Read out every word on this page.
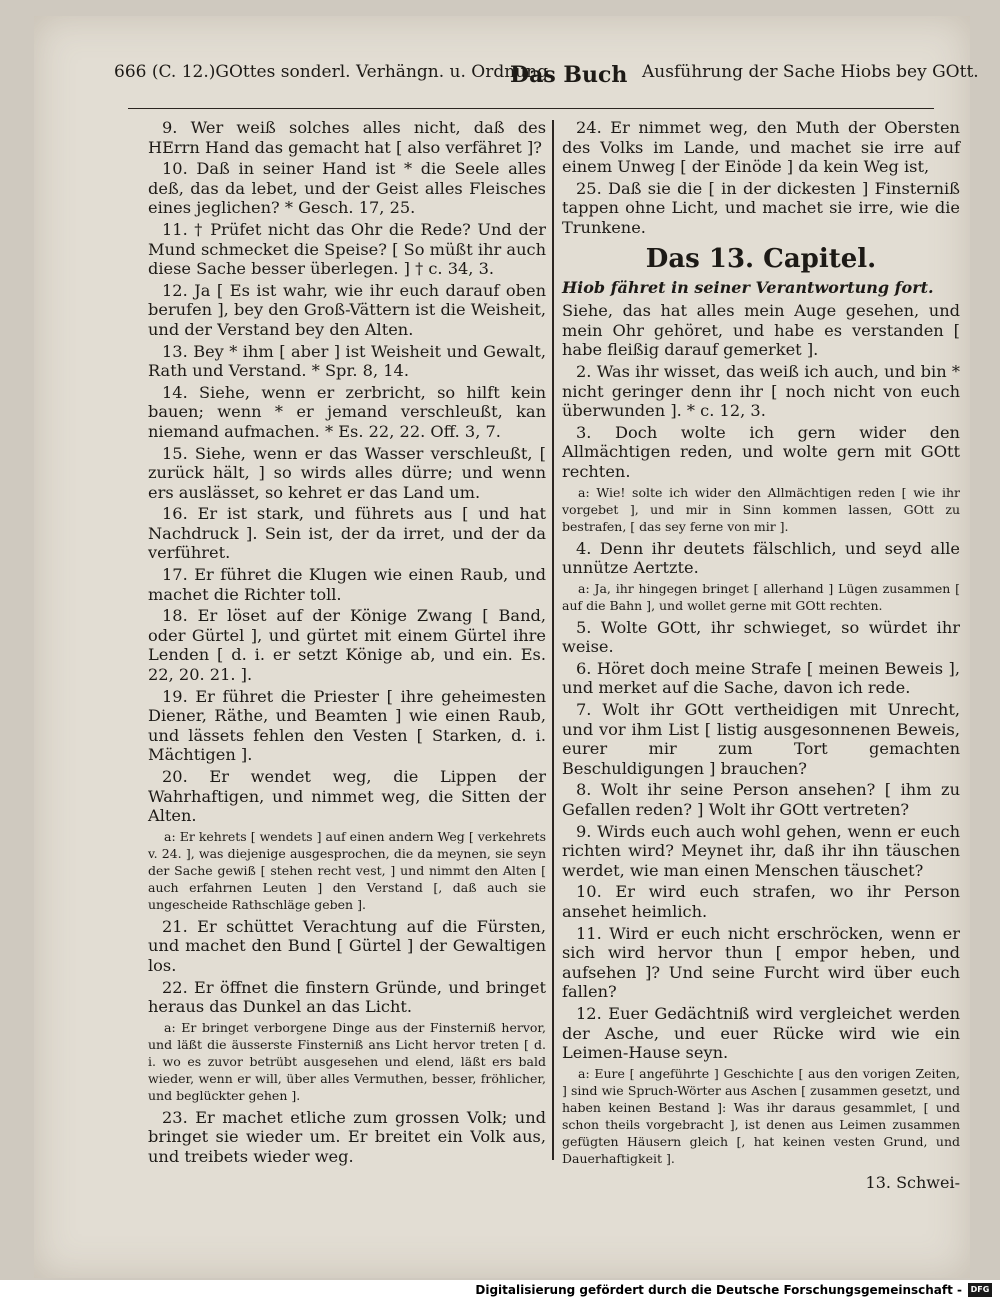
666 (C. 12.)GOttes sonderl. Verhängn. u. Ordnung.
Das Buch Ausführung der Sache Hiobs bey GOtt.

9. Wer weiß solches alles nicht, daß des HErrn Hand das gemacht hat [ also verfähret ]?

10. Daß in seiner Hand ist * die Seele alles deß, das da lebet, und der Geist alles Fleisches eines jeglichen? * Gesch. 17, 25.

11. † Prüfet nicht das Ohr die Rede? Und der Mund schmecket die Speise? [ So müßt ihr auch diese Sache besser überlegen. ] † c. 34, 3.

12. Ja [ Es ist wahr, wie ihr euch darauf oben berufen ], bey den Groß-Vättern ist die Weisheit, und der Verstand bey den Alten.

13. Bey * ihm [ aber ] ist Weisheit und Gewalt, Rath und Verstand. * Spr. 8, 14.

14. Siehe, wenn er zerbricht, so hilft kein bauen; wenn * er jemand verschleußt, kan niemand aufmachen. * Es. 22, 22. Off. 3, 7.

15. Siehe, wenn er das Wasser verschleußt, [ zurück hält, ] so wirds alles dürre; und wenn ers auslässet, so kehret er das Land um.

16. Er ist stark, und führets aus [ und hat Nachdruck ]. Sein ist, der da irret, und der da verführet.

17. Er führet die Klugen wie einen Raub, und machet die Richter toll.

18. Er löset auf der Könige Zwang [ Band, oder Gürtel ], und gürtet mit einem Gürtel ihre Lenden [ d. i. er setzt Könige ab, und ein. Es. 22, 20. 21. ].

19. Er führet die Priester [ ihre geheimesten Diener, Räthe, und Beamten ] wie einen Raub, und lässets fehlen den Vesten [ Starken, d. i. Mächtigen ].

20. Er wendet weg, die Lippen der Wahrhaftigen, und nimmet weg, die Sitten der Alten.

a: Er kehrets [ wendets ] auf einen andern Weg [ verkehrets v. 24. ], was diejenige ausgesprochen, die da meynen, sie seyn der Sache gewiß [ stehen recht vest, ] und nimmt den Alten [ auch erfahrnen Leuten ] den Verstand [, daß auch sie ungescheide Rathschläge geben ].

21. Er schüttet Verachtung auf die Fürsten, und machet den Bund [ Gürtel ] der Gewaltigen los.

22. Er öffnet die finstern Gründe, und bringet heraus das Dunkel an das Licht.

a: Er bringet verborgene Dinge aus der Finsterniß hervor, und läßt die äusserste Finsterniß ans Licht hervor treten [ d. i. wo es zuvor betrübt ausgesehen und elend, läßt ers bald wieder, wenn er will, über alles Vermuthen, besser, fröhlicher, und beglückter gehen ].

23. Er machet etliche zum grossen Volk; und bringet sie wieder um. Er breitet ein Volk aus, und treibets wieder weg.

24. Er nimmet weg, den Muth der Obersten des Volks im Lande, und machet sie irre auf einem Unweg [ der Einöde ] da kein Weg ist,

25. Daß sie die [ in der dickesten ] Finsterniß tappen ohne Licht, und machet sie irre, wie die Trunkene.

Das 13. Capitel.

Hiob fähret in seiner Verantwortung fort.

Siehe, das hat alles mein Auge gesehen, und mein Ohr gehöret, und habe es verstanden [ habe fleißig darauf gemerket ].

2. Was ihr wisset, das weiß ich auch, und bin * nicht geringer denn ihr [ noch nicht von euch überwunden ]. * c. 12, 3.

3. Doch wolte ich gern wider den Allmächtigen reden, und wolte gern mit GOtt rechten.

a: Wie! solte ich wider den Allmächtigen reden [ wie ihr vorgebet ], und mir in Sinn kommen lassen, GOtt zu bestrafen, [ das sey ferne von mir ].

4. Denn ihr deutets fälschlich, und seyd alle unnütze Aertzte.

a: Ja, ihr hingegen bringet [ allerhand ] Lügen zusammen [ auf die Bahn ], und wollet gerne mit GOtt rechten.

5. Wolte GOtt, ihr schwieget, so würdet ihr weise.

6. Höret doch meine Strafe [ meinen Beweis ], und merket auf die Sache, davon ich rede.

7. Wolt ihr GOtt vertheidigen mit Unrecht, und vor ihm List [ listig ausgesonnenen Beweis, eurer mir zum Tort gemachten Beschuldigungen ] brauchen?

8. Wolt ihr seine Person ansehen? [ ihm zu Gefallen reden? ] Wolt ihr GOtt vertreten?

9. Wirds euch auch wohl gehen, wenn er euch richten wird? Meynet ihr, daß ihr ihn täuschen werdet, wie man einen Menschen täuschet?

10. Er wird euch strafen, wo ihr Person ansehet heimlich.

11. Wird er euch nicht erschröcken, wenn er sich wird hervor thun [ empor heben, und aufsehen ]? Und seine Furcht wird über euch fallen?

12. Euer Gedächtniß wird vergleichet werden der Asche, und euer Rücke wird wie ein Leimen-Hause seyn.

a: Eure [ angeführte ] Geschichte [ aus den vorigen Zeiten, ] sind wie Spruch-Wörter aus Aschen [ zusammen gesetzt, und haben keinen Bestand ]: Was ihr daraus gesammlet, [ und schon theils vorgebracht ], ist denen aus Leimen zusammen gefügten Häusern gleich [, hat keinen vesten Grund, und Dauerhaftigkeit ].

13. Schwei-

Digitalisierung gefördert durch die Deutsche Forschungsgemeinschaft -	DFG
